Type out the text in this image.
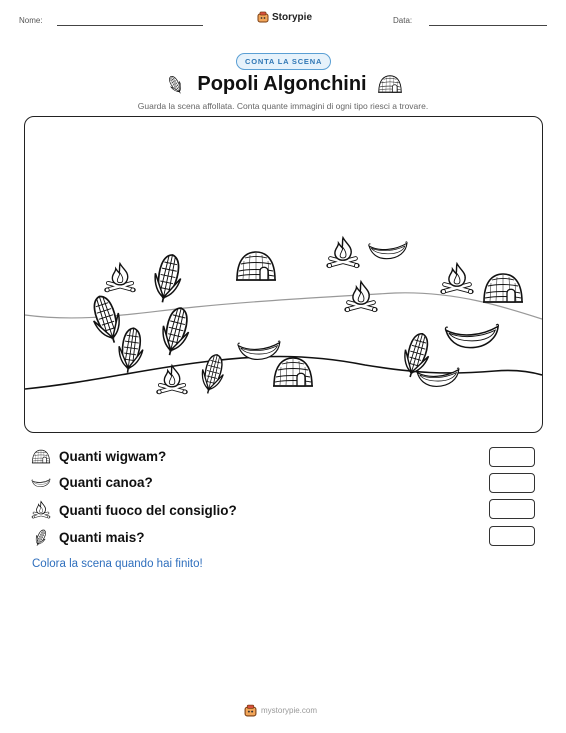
Nome:	Storypie	Data:
CONTA LA SCENA
Popoli Algonchini
Guarda la scena affollata. Conta quante immagini di ogni tipo riesci a trovare.
Quanti wigwam?
Quanti canoa?
Quanti fuoco del consiglio?
Quanti mais?
Colora la scena quando hai finito!
mystorypie.com
